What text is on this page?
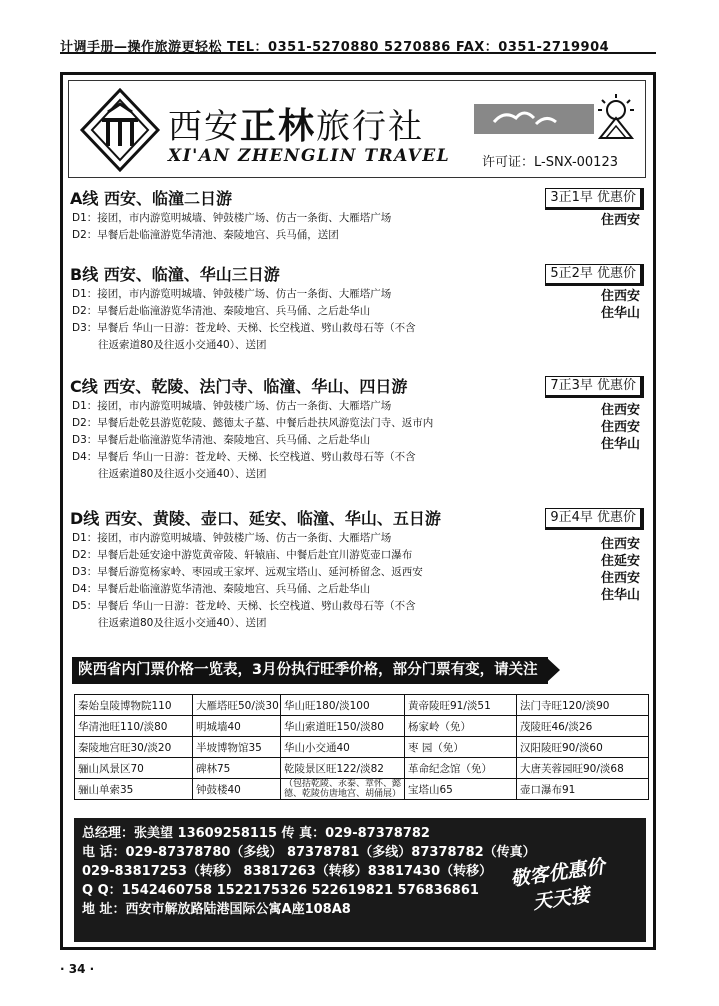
计调手册—操作旅游更轻松 TEL：0351-5270880 5270886 FAX：0351-2719904
西安正林旅行社
XI'AN ZHENGLIN TRAVEL 许可证：L-SNX-00123
A线 西安、临潼二日游	3正1早 优惠价
D1：接团，市内游览明城墙、钟鼓楼广场、仿古一条街、大雁塔广场
D2：早餐后赴临潼游览华清池、秦陵地宫、兵马俑，送团
住西安
B线 西安、临潼、华山三日游	5正2早 优惠价
D1：接团，市内游览明城墙、钟鼓楼广场、仿古一条街、大雁塔广场
D2：早餐后赴临潼游览华清池、秦陵地宫、兵马俑、之后赴华山
D3：早餐后 华山一日游：苍龙岭、天梯、长空栈道、劈山救母石等（不含
往返索道80及往返小交通40）、送团
住西安
住华山
C线 西安、乾陵、法门寺、临潼、华山、四日游	7正3早 优惠价
D1：接团，市内游览明城墙、钟鼓楼广场、仿古一条街、大雁塔广场
D2：早餐后赴乾县游览乾陵、懿德太子墓、中餐后赴扶风游览法门寺、返市内
D3：早餐后赴临潼游览华清池、秦陵地宫、兵马俑、之后赴华山
D4：早餐后 华山一日游：苍龙岭、天梯、长空栈道、劈山救母石等（不含
往返索道80及往返小交通40）、送团
住西安
住西安
住华山
D线 西安、黄陵、壶口、延安、临潼、华山、五日游	9正4早 优惠价
D1：接团，市内游览明城墙、钟鼓楼广场、仿古一条街、大雁塔广场
D2：早餐后赴延安途中游览黄帝陵、轩辕庙、中餐后赴宜川游览壶口瀑布
D3：早餐后游览杨家岭、枣园或王家坪、远观宝塔山、延河桥留念、返西安
D4：早餐后赴临潼游览华清池、秦陵地宫、兵马俑、之后赴华山
D5：早餐后 华山一日游：苍龙岭、天梯、长空栈道、劈山救母石等（不含
往返索道80及往返小交通40）、送团
住西安
住延安
住西安
住华山
陕西省内门票价格一览表，3月份执行旺季价格，部分门票有变，请关注
秦始皇陵博物院110	大雁塔旺50/淡30	华山旺180/淡100	黄帝陵旺91/淡51	法门寺旺120/淡90
华清池旺110/淡80	明城墙40	华山索道旺150/淡80	杨家岭（免）	茂陵旺46/淡26
秦陵地宫旺30/淡20	半坡博物馆35	华山小交通40	枣 园（免）	汉阳陵旺90/淡60
骊山风景区70	碑林75	乾陵景区旺122/淡82	革命纪念馆（免）	大唐芙蓉园旺90/淡68
骊山单索35	钟鼓楼40	（包括乾陵、永泰、章怀、懿德、乾陵仿唐地宫、胡俑展）	宝塔山65	壶口瀑布91
总经理：张美望 13609258115 传 真：029-87378782
电 话：029-87378780（多线） 87378781（多线）87378782（传真）
029-83817253（转移） 83817263（转移）83817430（转移）
Q Q：1542460758 1522175326 522619821 576836861
地 址：西安市解放路陆港国际公寓A座108A8
敬客优惠价
天天接
· 34 ·
